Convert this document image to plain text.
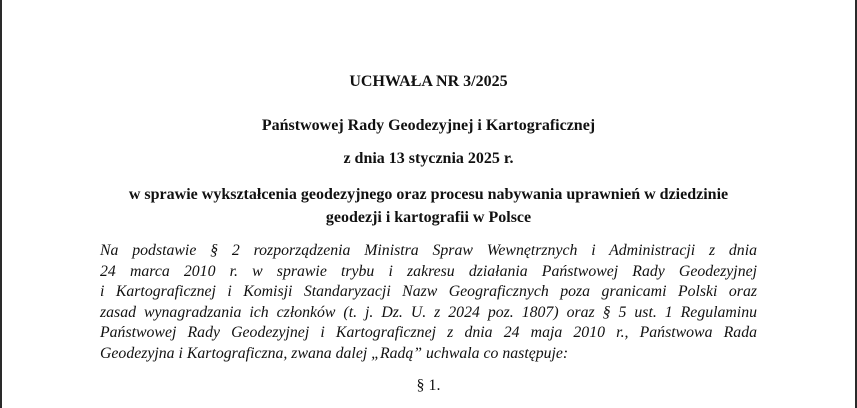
UCHWAŁA NR 3/2025
Państwowej Rady Geodezyjnej i Kartograficznej
z dnia 13 stycznia 2025 r.
w sprawie wykształcenia geodezyjnego oraz procesu nabywania uprawnień w dziedzinie geodezji i kartografii w Polsce
Na podstawie § 2 rozporządzenia Ministra Spraw Wewnętrznych i Administracji z dnia
24 marca 2010 r. w sprawie trybu i zakresu działania Państwowej Rady Geodezyjnej
i Kartograficznej i Komisji Standaryzacji Nazw Geograficznych poza granicami Polski oraz
zasad wynagradzania ich członków (t. j. Dz. U. z 2024 poz. 1807) oraz § 5 ust. 1 Regulaminu
Państwowej Rady Geodezyjnej i Kartograficznej z dnia 24 maja 2010 r., Państwowa Rada
Geodezyjna i Kartograficzna, zwana dalej „Radą” uchwala co następuje:
§ 1.
